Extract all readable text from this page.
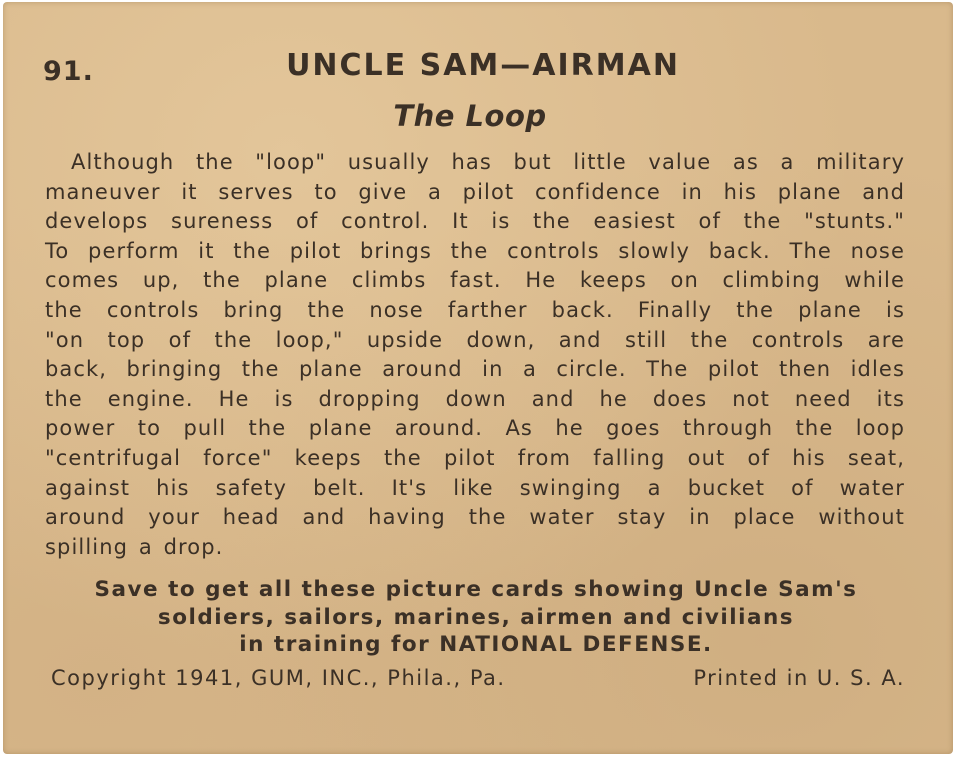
91.	UNCLE SAM—AIRMAN
The Loop
Although the "loop" usually has but little value as a military
maneuver it serves to give a pilot confidence in his plane and
develops sureness of control. It is the easiest of the "stunts."
To perform it the pilot brings the controls slowly back. The nose
comes up, the plane climbs fast. He keeps on climbing while
the controls bring the nose farther back. Finally the plane is
"on top of the loop," upside down, and still the controls are
back, bringing the plane around in a circle. The pilot then idles
the engine. He is dropping down and he does not need its
power to pull the plane around. As he goes through the loop
"centrifugal force" keeps the pilot from falling out of his seat,
against his safety belt. It's like swinging a bucket of water
around your head and having the water stay in place without
spilling a drop.
Save to get all these picture cards showing Uncle Sam's
soldiers, sailors, marines, airmen and civilians
in training for NATIONAL DEFENSE.
Copyright 1941, GUM, INC., Phila., Pa.	Printed in U. S. A.
